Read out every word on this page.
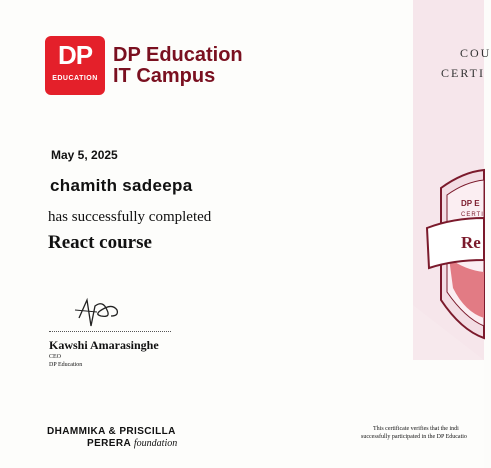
DP E
CERTI
Re
COU
CERTI
DP
EDUCATION
DP Education
IT Campus
May 5, 2025
chamith sadeepa
has successfully completed
React course
Kawshi Amarasinghe
CEO
DP Education
DHAMMIKA & PRISCILLA
PERERA foundation
This certificate verifies that the indi
successfully participated in the DP Educatio
